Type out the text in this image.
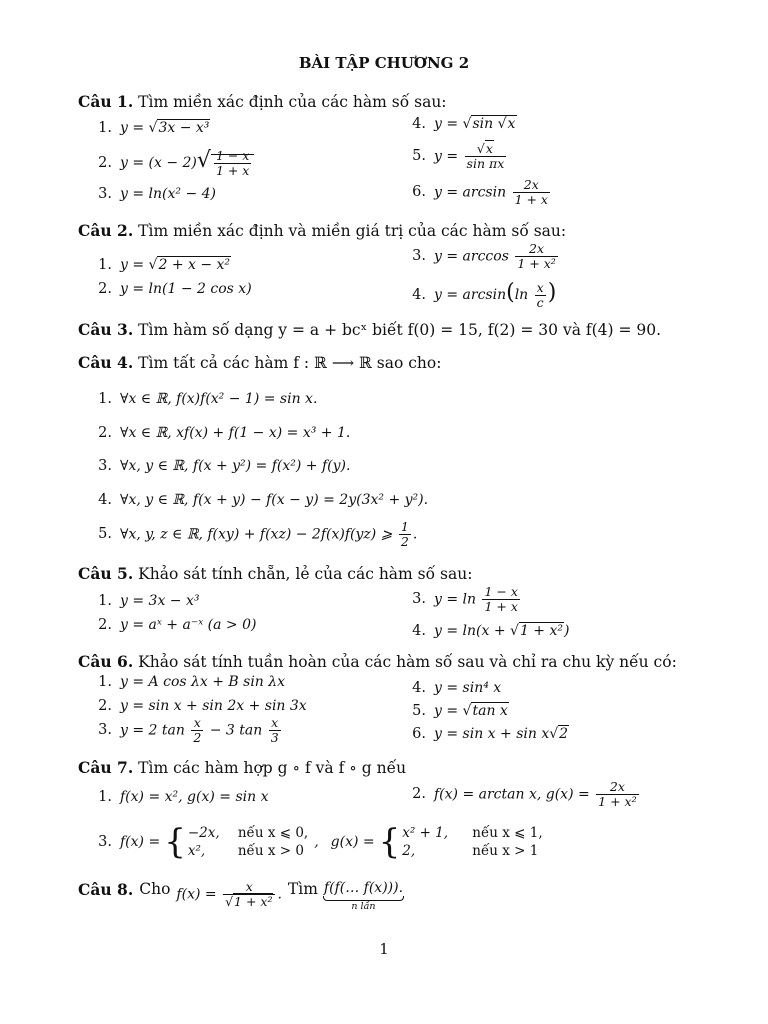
BÀI TẬP CHƯƠNG 2
Câu 1. Tìm miền xác định của các hàm số sau:
1. y = √3x − x³
2. $y = (x - 2)√ \frac{1 - x}{1 + x}$
3. y = ln(x² − 4)
4. y = √sin √x
5. $y = \frac{√x}{\text{sin πx}}$
6. $y = \arcsin \frac{2x}{1 + x}$
Câu 2. Tìm miền xác định và miền giá trị của các hàm số sau:
1. y = √2 + x − x²
2. y = ln(1 − 2 cos x)
3. $y = \arccos \frac{2x}{\text{1 + x²}}$
4. $y = \arcsin(\ln \frac{x}{c}$ )
Câu 3. Tìm hàm số dạng y = a + bcˣ biết f(0) = 15, f(2) = 30 và f(4) = 90.
Câu 4. Tìm tất cả các hàm f : ℝ ⟶ ℝ sao cho:
1. ∀x ∈ ℝ, f(x)f(x² − 1) = sin x.
2. ∀x ∈ ℝ, xf(x) + f(1 − x) = x³ + 1.
3. ∀x, y ∈ ℝ, f(x + y²) = f(x²) + f(y).
4. ∀x, y ∈ ℝ, f(x + y) − f(x − y) = 2y(3x² + y²).
5. ∀x, y, z ∈ ℝ, f(xy) + f(xz) − 2f(x)f(yz) ⩾ $\frac{1}{2}$ .
Câu 5. Khảo sát tính chẵn, lẻ của các hàm số sau:
1. y = 3x − x³
2. y = aˣ + a⁻ˣ (a > 0)
3. $y = \ln \frac{1 - x}{1 + x}$
4. y = ln(x + √1 + x²)
Câu 6. Khảo sát tính tuần hoàn của các hàm số sau và chỉ ra chu kỳ nếu có:
1. y = A cos λx + B sin λx
2. y = sin x + sin 2x + sin 3x
3. y = 2 $\tan \frac{x}{2} - 3$ $\tan \frac{x}{3}$
4. y = sin⁴ x
5. y = √tan x
6. y = sin x + sin x√2
Câu 7. Tìm các hàm hợp g ∘ f và f ∘ g nếu
1. f(x) = x², g(x) = sin x	2. f(x) = arctan x, $g(x) = \frac{2x}{\text{1 + x²}}$
3. f(x) = { −2x, nếu x ⩽ 0,
x², nếu x > 0
, g(x) = { x² + 1, nếu x ⩽ 1,
2,	nếu x > 1
Câu 8. Cho $f(x) = \frac{x}{\text{√1 + x²}}$ . Tìm f(f(… f(x))).
n lần
1
